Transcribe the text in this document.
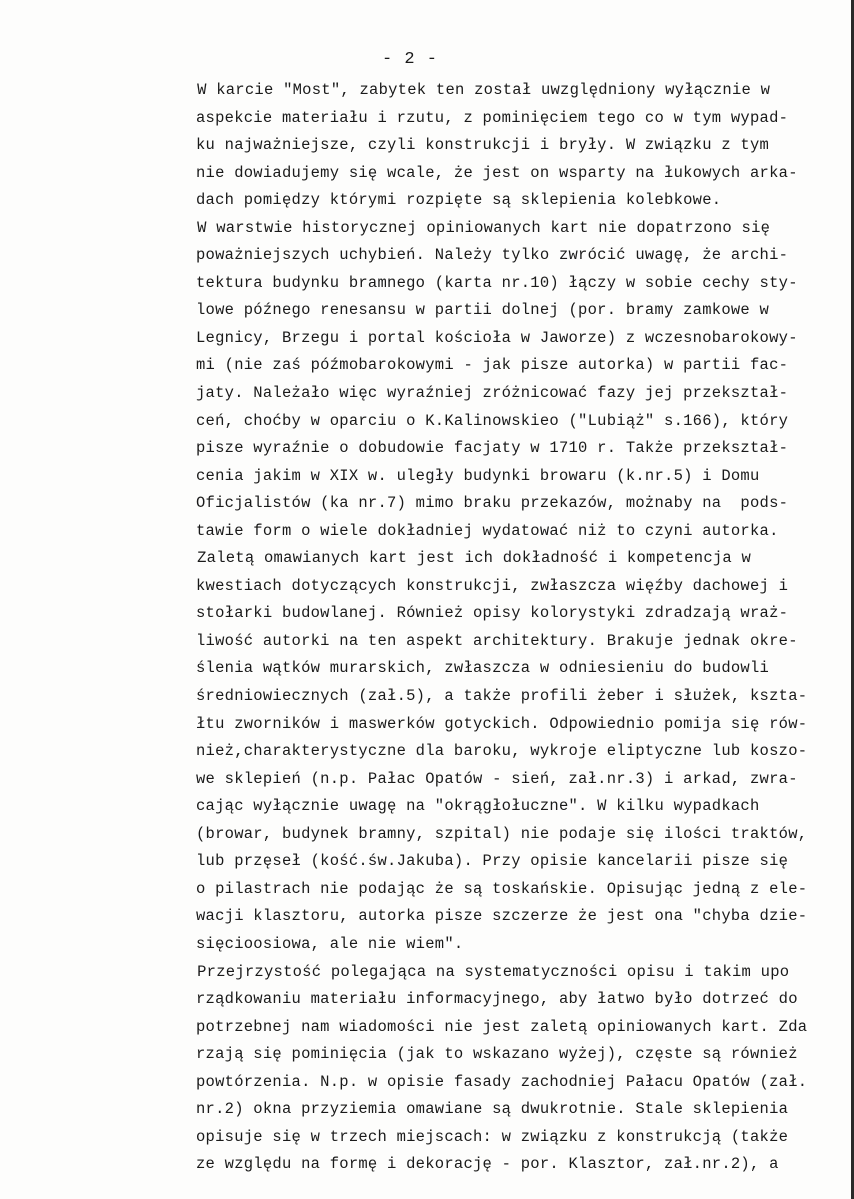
- 2 -
W karcie "Most", zabytek ten został uwzględniony wyłącznie w
aspekcie materiału i rzutu, z pominięciem tego co w tym wypad-
ku najważniejsze, czyli konstrukcji i bryły. W związku z tym
nie dowiadujemy się wcale, że jest on wsparty na łukowych arka-
dach pomiędzy którymi rozpięte są sklepienia kolebkowe.
W warstwie historycznej opiniowanych kart nie dopatrzono się
poważniejszych uchybień. Należy tylko zwrócić uwagę, że archi-
tektura budynku bramnego (karta nr.10) łączy w sobie cechy sty-
lowe późnego renesansu w partii dolnej (por. bramy zamkowe w
Legnicy, Brzegu i portal kościoła w Jaworze) z wczesnobarokowy-
mi (nie zaś późmobarokowymi - jak pisze autorka) w partii fac-
jaty. Należało więc wyraźniej zróżnicować fazy jej przekształ-
ceń, choćby w oparciu o K.Kalinowskieo ("Lubiąż" s.166), który
pisze wyraźnie o dobudowie facjaty w 1710 r. Także przekształ-
cenia jakim w XIX w. uległy budynki browaru (k.nr.5) i Domu
Oficjalistów (ka nr.7) mimo braku przekazów, możnaby na  pods-
tawie form o wiele dokładniej wydatować niż to czyni autorka.
Zaletą omawianych kart jest ich dokładność i kompetencja w
kwestiach dotyczących konstrukcji, zwłaszcza więźby dachowej i
stołarki budowlanej. Również opisy kolorystyki zdradzają wraż-
liwość autorki na ten aspekt architektury. Brakuje jednak okre-
ślenia wątków murarskich, zwłaszcza w odniesieniu do budowli
średniowiecznych (zał.5), a także profili żeber i służek, kszta-
łtu zworników i maswerków gotyckich. Odpowiednio pomija się rów-
nież,charakterystyczne dla baroku, wykroje eliptyczne lub koszo-
we sklepień (n.p. Pałac Opatów - sień, zał.nr.3) i arkad, zwra-
cając wyłącznie uwagę na "okrągłołuczne". W kilku wypadkach
(browar, budynek bramny, szpital) nie podaje się ilości traktów,
lub przęseł (kość.św.Jakuba). Przy opisie kancelarii pisze się
o pilastrach nie podając że są toskańskie. Opisując jedną z ele-
wacji klasztoru, autorka pisze szczerze że jest ona "chyba dzie-
sięcioosiowa, ale nie wiem".
Przejrzystość polegająca na systematyczności opisu i takim upo
rządkowaniu materiału informacyjnego, aby łatwo było dotrzeć do
potrzebnej nam wiadomości nie jest zaletą opiniowanych kart. Zda
rzają się pominięcia (jak to wskazano wyżej), częste są również
powtórzenia. N.p. w opisie fasady zachodniej Pałacu Opatów (zał.
nr.2) okna przyziemia omawiane są dwukrotnie. Stale sklepienia
opisuje się w trzech miejscach: w związku z konstrukcją (także
ze względu na formę i dekorację - por. Klasztor, zał.nr.2), a
